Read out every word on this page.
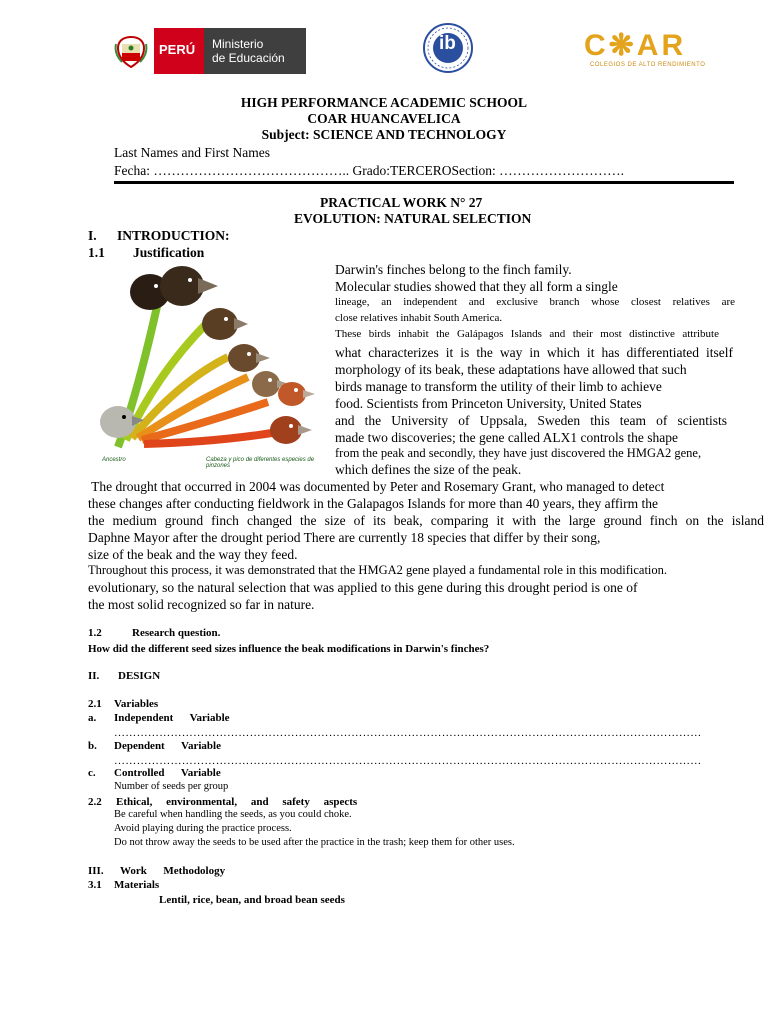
PERÚ Ministerio
de Educación
ib	C❋AR
COLEGIOS DE ALTO RENDIMIENTO
HIGH PERFORMANCE ACADEMIC SCHOOL
COAR HUANCAVELICA
Subject: SCIENCE AND TECHNOLOGY
Last Names and First Names
Fecha: …………………………………….. Grado:TERCEROSection: ……………………….
PRACTICAL WORK N° 27
EVOLUTION: NATURAL SELECTION
I. INTRODUCTION:
1.1 Justification
Ancestro	Cabeza y pico de diferentes especies de pinzones
Darwin's finches belong to the finch family.
Molecular studies showed that they all form a single
lineage, an independent and exclusive branch whose closest relatives are
close relatives inhabit South America.
These birds inhabit the Galápagos Islands and their most distinctive attribute
what characterizes it is the way in which it has differentiated itself
morphology of its beak, these adaptations have allowed that such
birds manage to transform the utility of their limb to achieve
food. Scientists from Princeton University, United States
and the University of Uppsala, Sweden this team of scientists
made two discoveries; the gene called ALX1 controls the shape
from the peak and secondly, they have just discovered the HMGA2 gene,
which defines the size of the peak.
The drought that occurred in 2004 was documented by Peter and Rosemary Grant, who managed to detect
these changes after conducting fieldwork in the Galapagos Islands for more than 40 years, they affirm the
the medium ground finch changed the size of its beak, comparing it with the large ground finch on the island
Daphne Mayor after the drought period There are currently 18 species that differ by their song,
size of the beak and the way they feed.
Throughout this process, it was demonstrated that the HMGA2 gene played a fundamental role in this modification.
evolutionary, so the natural selection that was applied to this gene during this drought period is one of
the most solid recognized so far in nature.
1.2	Research question.
How did the different seed sizes influence the beak modifications in Darwin's finches?
II. DESIGN
2.1 Variables
a. Independent      Variable
…………………………………………………………………………………………………………………………………………
b. Dependent      Variable
…………………………………………………………………………………………………………………………………………
c. Controlled      Variable
Number of seeds per group
2.2 Ethical,     environmental,     and     safety     aspects
Be careful when handling the seeds, as you could choke.
Avoid playing during the practice process.
Do not throw away the seeds to be used after the practice in the trash; keep them for other uses.
III. Work      Methodology
3.1 Materials
Lentil, rice, bean, and broad bean seeds
